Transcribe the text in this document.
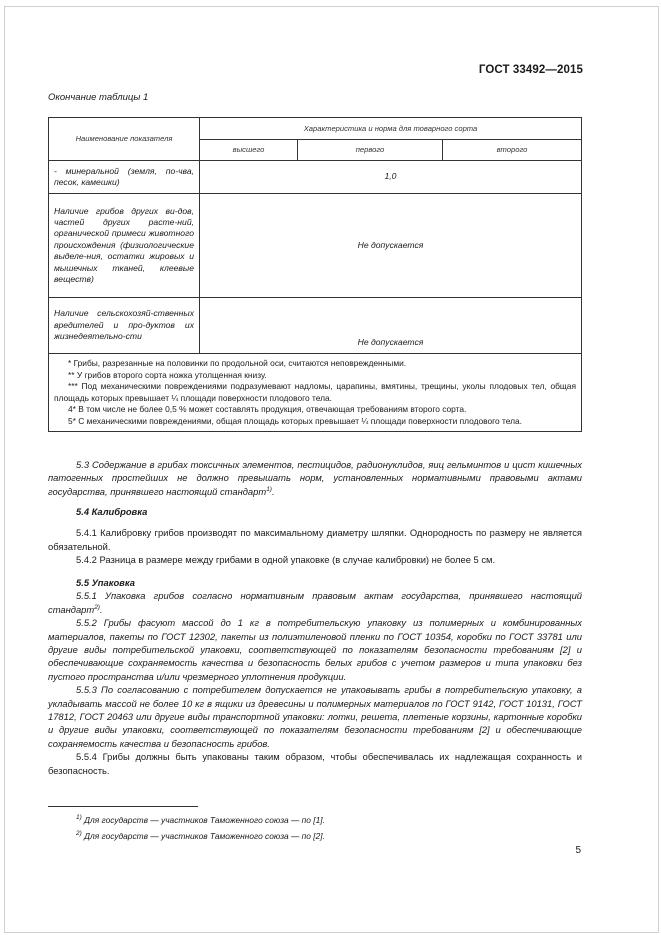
ГОСТ 33492—2015
Окончание таблицы 1
Наименование показателя	Характеристика и норма для товарного сорта		
	высшего	первого	второго
- минеральной (земля, по-чва, песок, камешки)	1,0		
Наличие грибов других ви-дов, частей других расте-ний, органической примеси животного происхождения (физиологические выделе-ния, остатки жировых и мышечных тканей, клеевые веществ)	Не допускается		
Наличие сельскохозяй-ственных вредителей и про-дуктов их жизнедеятельно-сти	Не допускается		

* Грибы, разрезанные на половинки по продольной оси, считаются неповрежденными.

** У грибов второго сорта ножка утолщенная книзу.

*** Под механическими повреждениями подразумевают надломы, царапины, вмятины, трещины, уколы плодовых тел, общая площадь которых превышает ¼ площади поверхности плодового тела.

4* В том числе не более 0,5 % может составлять продукция, отвечающая требованиям второго сорта.

5* С механическими повреждениями, общая площадь которых превышает ¼ площади поверхности плодового тела.			

5.3 Содержание в грибах токсичных элементов, пестицидов, радионуклидов, яиц гельминтов и цист кишечных патогенных простейших не должно превышать норм, установленных нормативными правовыми актами государства, принявшего настоящий стандарт$^{1)}$.

5.4 Калибровка

5.4.1 Калибровку грибов производят по максимальному диаметру шляпки. Однородность по размеру не является обязательной.

5.4.2 Разница в размере между грибами в одной упаковке (в случае калибровки) не более 5 см.

5.5 Упаковка

5.5.1 Упаковка грибов согласно нормативным правовым актам государства, принявшего настоящий стандарт$^{2)}$.

5.5.2 Грибы фасуют массой до 1 кг в потребительскую упаковку из полимерных и комбинированных материалов, пакеты по ГОСТ 12302, пакеты из полиэтиленовой пленки по ГОСТ 10354, коробки по ГОСТ 33781 или другие виды потребительской упаковки, соответствующей по показателям безопасности требованиям [2] и обеспечивающие сохраняемость качества и безопасность белых грибов с учетом размеров и типа упаковки без пустого пространства и/или чрезмерного уплотнения продукции.

5.5.3 По согласованию с потребителем допускается не упаковывать грибы в потребительскую упаковку, а укладывать массой не более 10 кг в ящики из древесины и полимерных материалов по ГОСТ 9142, ГОСТ 10131, ГОСТ 17812, ГОСТ 20463 или другие виды транспортной упаковки: лотки, решета, плетеные корзины, картонные коробки и другие виды упаковки, соответствующей по показателям безопасности требованиям [2] и обеспечивающие сохраняемость качества и безопасность грибов.

5.5.4 Грибы должны быть упакованы таким образом, чтобы обеспечивалась их надлежащая сохранность и безопасность.

$^{1)}$ Для государств — участников Таможенного союза — по [1].
$^{2)}$ Для государств — участников Таможенного союза — по [2].
5
